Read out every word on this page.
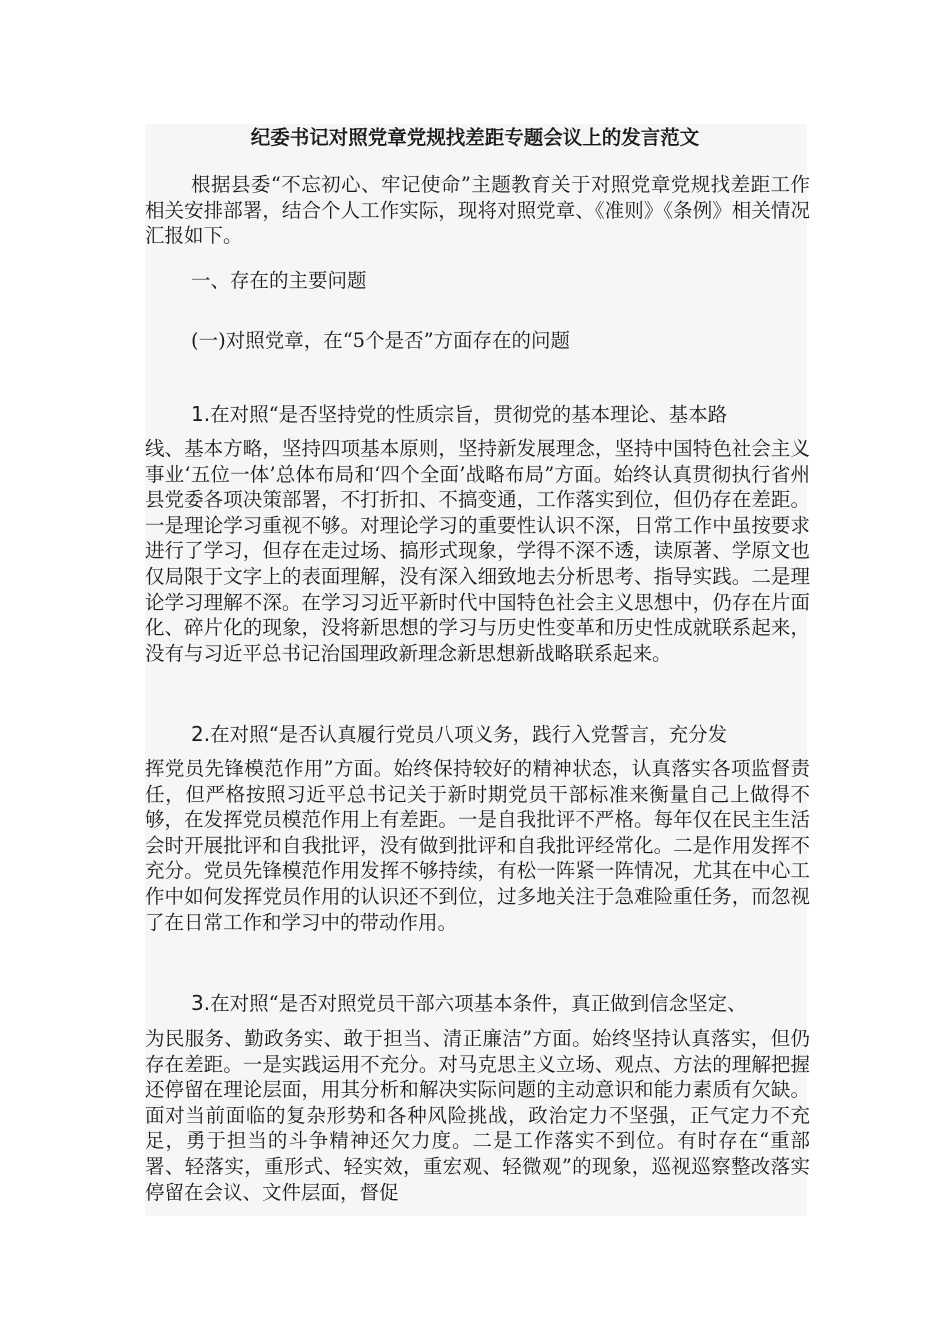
纪委书记对照党章党规找差距专题会议上的发言范文

根据县委“不忘初心、牢记使命”主题教育关于对照党章党规找差距工作相关安排部署，结合个人工作实际，现将对照党章、《准则》《条例》相关情况汇报如下。

一、存在的主要问题

(一)对照党章，在“5个是否”方面存在的问题

1.在对照“是否坚持党的性质宗旨，贯彻党的基本理论、基本路

线、基本方略，坚持四项基本原则，坚持新发展理念，坚持中国特色社会主义事业‘五位一体’总体布局和‘四个全面’战略布局”方面。始终认真贯彻执行省州县党委各项决策部署，不打折扣、不搞变通，工作落实到位，但仍存在差距。一是理论学习重视不够。对理论学习的重要性认识不深，日常工作中虽按要求进行了学习，但存在走过场、搞形式现象，学得不深不透，读原著、学原文也仅局限于文字上的表面理解，没有深入细致地去分析思考、指导实践。二是理论学习理解不深。在学习习近平新时代中国特色社会主义思想中，仍存在片面化、碎片化的现象，没将新思想的学习与历史性变革和历史性成就联系起来，没有与习近平总书记治国理政新理念新思想新战略联系起来。

2.在对照“是否认真履行党员八项义务，践行入党誓言，充分发

挥党员先锋模范作用”方面。始终保持较好的精神状态，认真落实各项监督责任，但严格按照习近平总书记关于新时期党员干部标准来衡量自己上做得不够，在发挥党员模范作用上有差距。一是自我批评不严格。每年仅在民主生活会时开展批评和自我批评，没有做到批评和自我批评经常化。二是作用发挥不充分。党员先锋模范作用发挥不够持续，有松一阵紧一阵情况，尤其在中心工作中如何发挥党员作用的认识还不到位，过多地关注于急难险重任务，而忽视了在日常工作和学习中的带动作用。

3.在对照“是否对照党员干部六项基本条件，真正做到信念坚定、

为民服务、勤政务实、敢于担当、清正廉洁”方面。始终坚持认真落实，但仍存在差距。一是实践运用不充分。对马克思主义立场、观点、方法的理解把握还停留在理论层面，用其分析和解决实际问题的主动意识和能力素质有欠缺。面对当前面临的复杂形势和各种风险挑战，政治定力不坚强，正气定力不充足，勇于担当的斗争精神还欠力度。二是工作落实不到位。有时存在“重部署、轻落实，重形式、轻实效，重宏观、轻微观”的现象，巡视巡察整改落实停留在会议、文件层面，督促
